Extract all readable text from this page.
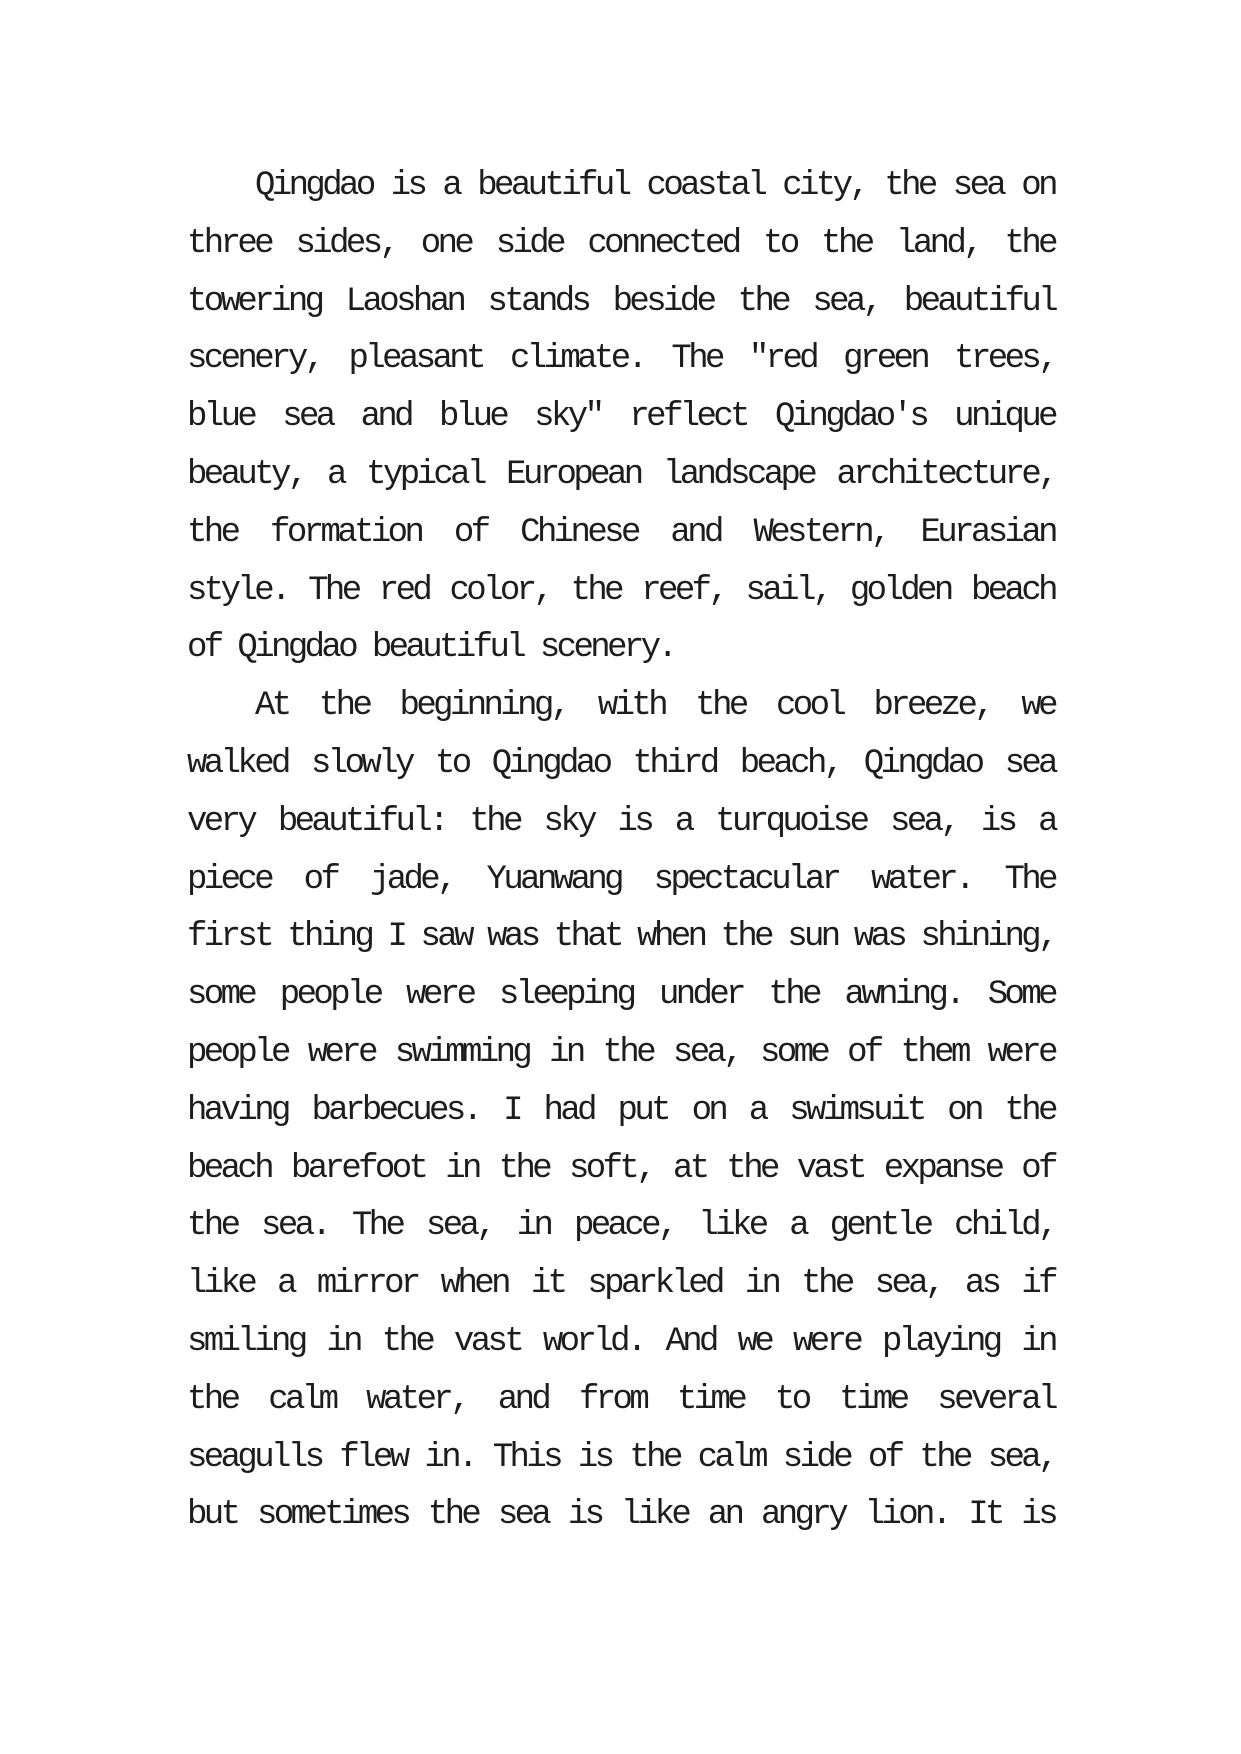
Qingdao is a beautiful coastal city, the sea on
three sides, one side connected to the land, the
towering Laoshan stands beside the sea, beautiful
scenery, pleasant climate. The "red green trees,
blue sea and blue sky" reflect Qingdao's unique
beauty, a typical European landscape architecture,
the formation of Chinese and Western, Eurasian
style. The red color, the reef, sail, golden beach
of Qingdao beautiful scenery.
At the beginning, with the cool breeze, we
walked slowly to Qingdao third beach, Qingdao sea
very beautiful: the sky is a turquoise sea, is a
piece of jade, Yuanwang spectacular water. The
first thing I saw was that when the sun was shining,
some people were sleeping under the awning. Some
people were swimming in the sea, some of them were
having barbecues. I had put on a swimsuit on the
beach barefoot in the soft, at the vast expanse of
the sea. The sea, in peace, like a gentle child,
like a mirror when it sparkled in the sea, as if
smiling in the vast world. And we were playing in
the calm water, and from time to time several
seagulls flew in. This is the calm side of the sea,
but sometimes the sea is like an angry lion. It is
